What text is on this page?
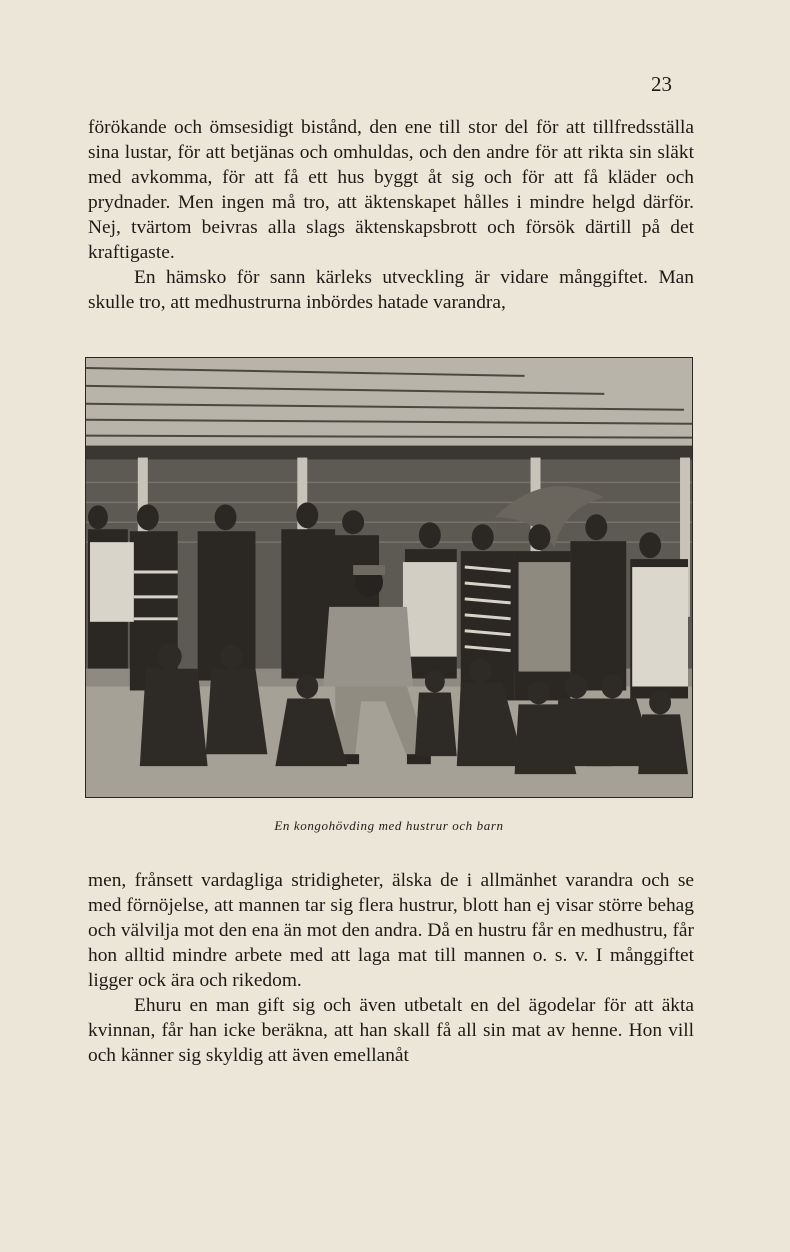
23

förökande och ömsesidigt bistånd, den ene till stor del för att tillfredsställa sina lustar, för att betjänas och omhuldas, och den andre för att rikta sin släkt med avkomma, för att få ett hus byggt åt sig och för att få kläder och prydnader. Men ingen må tro, att äktenskapet hålles i mindre helgd därför. Nej, tvärtom beivras alla slags äktenskapsbrott och försök därtill på det kraftigaste.

En hämsko för sann kärleks utveckling är vidare månggiftet. Man skulle tro, att medhustrurna inbördes hatade varandra,

En kongohövding med hustrur och barn

men, frånsett vardagliga stridigheter, älska de i allmänhet varandra och se med förnöjelse, att mannen tar sig flera hustrur, blott han ej visar större behag och välvilja mot den ena än mot den andra. Då en hustru får en medhustru, får hon alltid mindre arbete med att laga mat till mannen o. s. v. I månggiftet ligger ock ära och rikedom.

Ehuru en man gift sig och även utbetalt en del ägodelar för att äkta kvinnan, får han icke beräkna, att han skall få all sin mat av henne. Hon vill och känner sig skyldig att även emellanåt
